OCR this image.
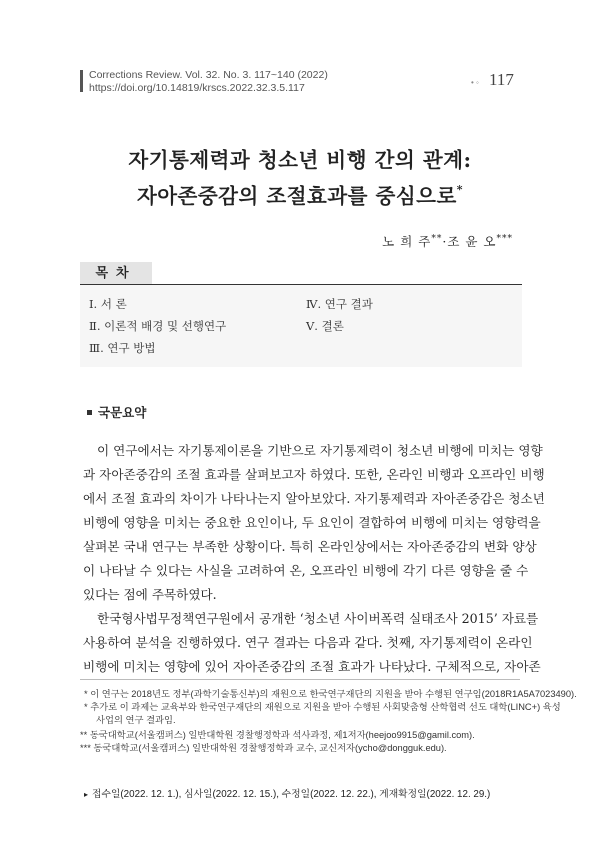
Corrections Review. Vol. 32. No. 3. 117~140 (2022)
https://doi.org/10.14819/krscs.2022.32.3.5.117	• ◦ 117
자기통제력과 청소년 비행 간의 관계:
자아존중감의 조절효과를 중심으로*
노 희 주**·조 윤 오***
목차
Ⅰ. 서 론
Ⅱ. 이론적 배경 및 선행연구
Ⅲ. 연구 방법
Ⅳ. 연구 결과
Ⅴ. 결론
국문요약
이 연구에서는 자기통제이론을 기반으로 자기통제력이 청소년 비행에 미치는 영향
과 자아존중감의 조절 효과를 살펴보고자 하였다. 또한, 온라인 비행과 오프라인 비행
에서 조절 효과의 차이가 나타나는지 알아보았다. 자기통제력과 자아존중감은 청소년
비행에 영향을 미치는 중요한 요인이나, 두 요인이 결합하여 비행에 미치는 영향력을
살펴본 국내 연구는 부족한 상황이다. 특히 온라인상에서는 자아존중감의 변화 양상
이 나타날 수 있다는 사실을 고려하여 온, 오프라인 비행에 각기 다른 영향을 줄 수
있다는 점에 주목하였다.
한국형사법무정책연구원에서 공개한 ‘청소년 사이버폭력 실태조사 2015’ 자료를
사용하여 분석을 진행하였다. 연구 결과는 다음과 같다. 첫째, 자기통제력이 온라인
비행에 미치는 영향에 있어 자아존중감의 조절 효과가 나타났다. 구체적으로, 자아존
* 이 연구는 2018년도 정부(과학기술통신부)의 재원으로 한국연구재단의 지원을 받아 수행된 연구임(2018R1A5A7023490).
* 추가로 이 과제는 교육부와 한국연구재단의 재원으로 지원을 받아 수행된 사회맞춤형 산학협력 선도 대학(LINC+) 육성
사업의 연구 결과임.
** 동국대학교(서울캠퍼스) 일반대학원 경찰행정학과 석사과정, 제1저자(heejoo9915@gamil.com).
*** 동국대학교(서울캠퍼스) 일반대학원 경찰행정학과 교수, 교신저자(ycho@dongguk.edu).
▸ 접수일(2022. 12. 1.), 심사일(2022. 12. 15.), 수정일(2022. 12. 22.), 게재확정일(2022. 12. 29.)
